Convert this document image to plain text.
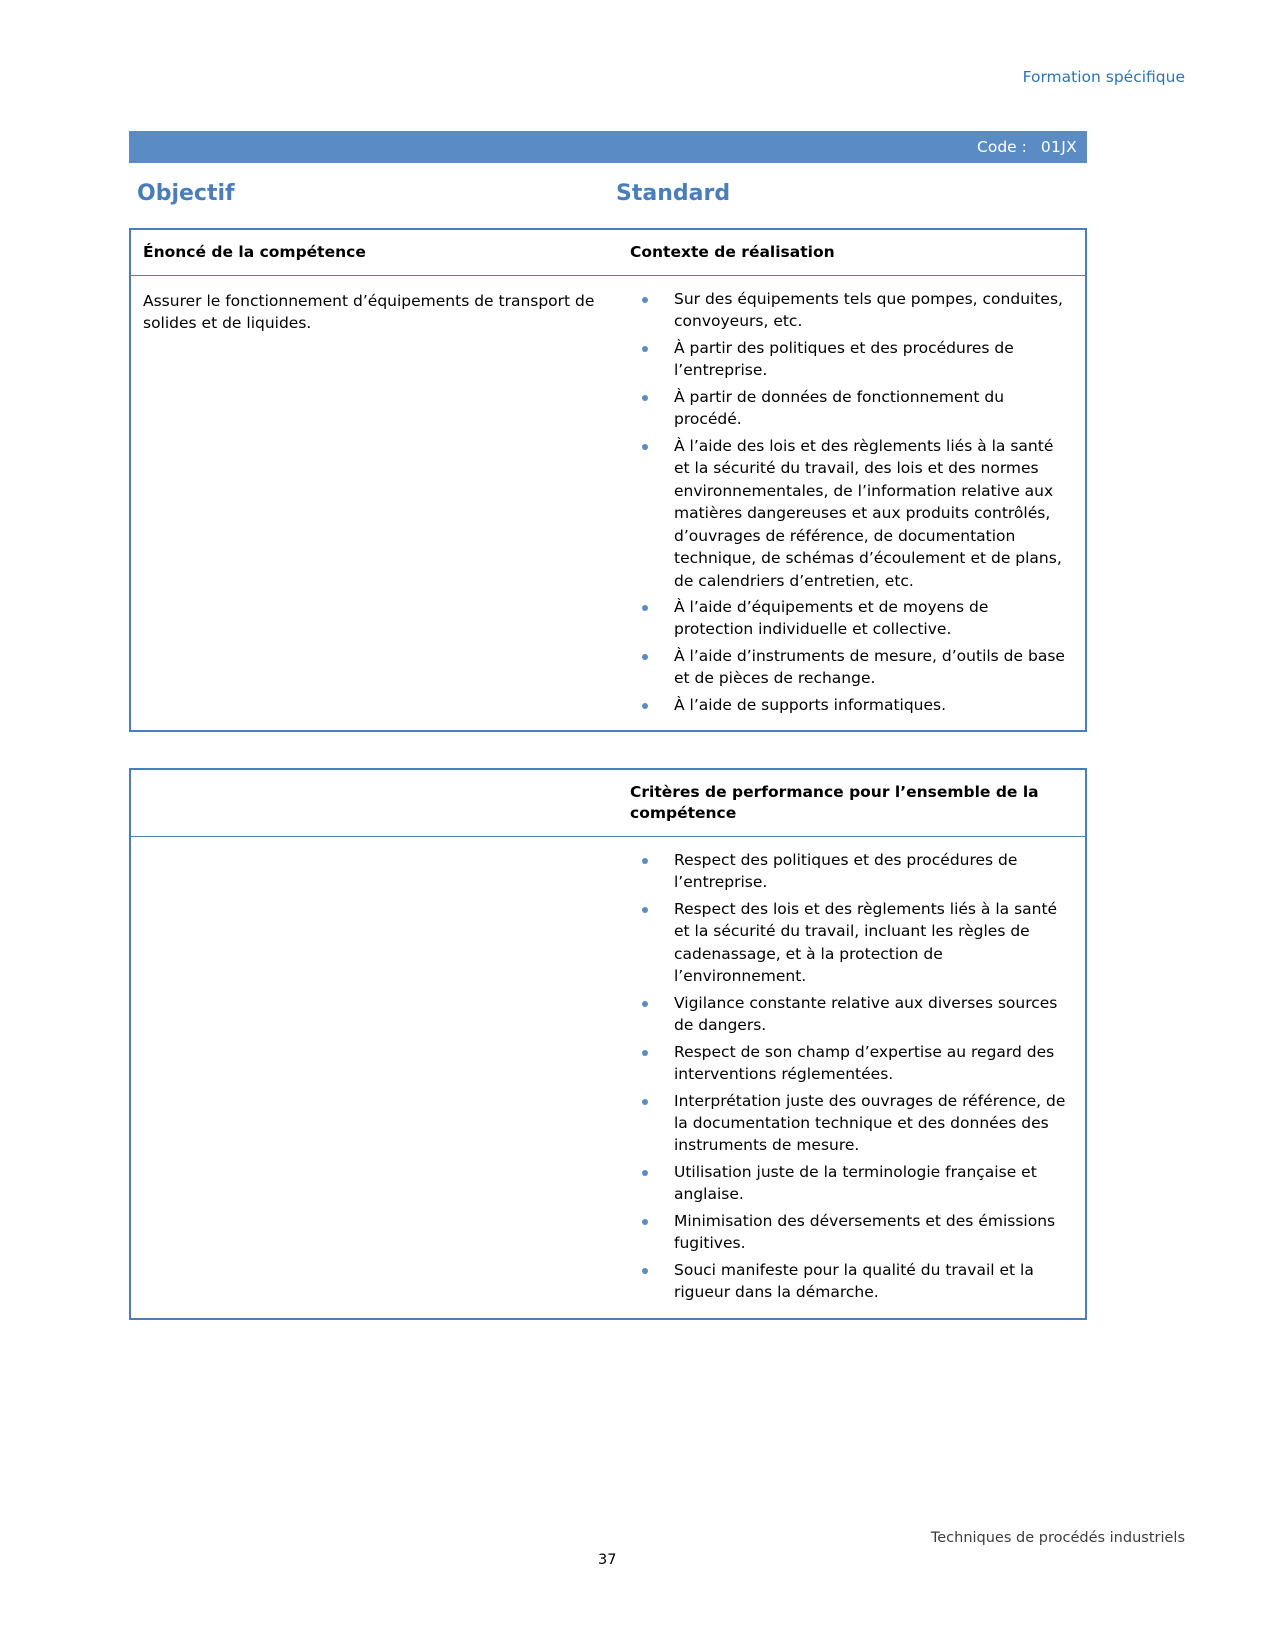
Formation spécifique
Code : 01JX
Objectif	Standard
Énoncé de la compétence	Contexte de réalisation
Assurer le fonctionnement d’équipements de transport de solides et de liquides.
Sur des équipements tels que pompes, conduites, convoyeurs, etc.
À partir des politiques et des procédures de l’entreprise.
À partir de données de fonctionnement du procédé.
À l’aide des lois et des règlements liés à la santé et la sécurité du travail, des lois et des normes environnementales, de l’information relative aux matières dangereuses et aux produits contrôlés, d’ouvrages de référence, de documentation technique, de schémas d’écoulement et de plans, de calendriers d’entretien, etc.
À l’aide d’équipements et de moyens de protection individuelle et collective.
À l’aide d’instruments de mesure, d’outils de base et de pièces de rechange.
À l’aide de supports informatiques.
Critères de performance pour l’ensemble de la compétence
Respect des politiques et des procédures de l’entreprise.
Respect des lois et des règlements liés à la santé et la sécurité du travail, incluant les règles de cadenassage, et à la protection de l’environnement.
Vigilance constante relative aux diverses sources de dangers.
Respect de son champ d’expertise au regard des interventions réglementées.
Interprétation juste des ouvrages de référence, de la documentation technique et des données des instruments de mesure.
Utilisation juste de la terminologie française et anglaise.
Minimisation des déversements et des émissions fugitives.
Souci manifeste pour la qualité du travail et la rigueur dans la démarche.
Techniques de procédés industriels
37
